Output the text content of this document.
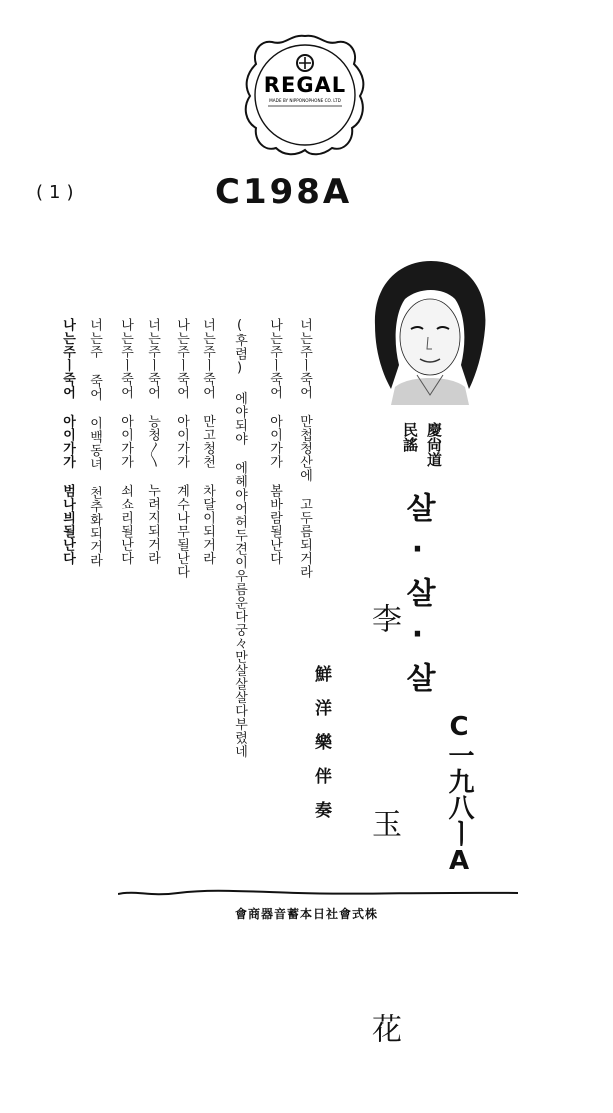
REGAL
MADE BY NIPPONOPHONE CO. LTD
(1)	C198A
慶尙道
民謠
살·살·살
李 玉 花
鮮洋樂伴奏	C一九八ㅣA
너는주ㅣ죽어 만첩청산에 고두름되거라
나는주ㅣ죽어 아이가가 봄바람될난다
(후렴) 에야되야 에헤야어허두견이우름운다궁々만살살살다부렸네
너는주ㅣ죽어 만고청천 차달이되거라
나는주ㅣ죽어 아이가가 계수나무될난다
너는주ㅣ죽어 능청〱 누려지되거라
나는주ㅣ죽어 아이가가 쇠쇼리될난다
너는주 죽어 이백동녀 천추화되거라
나는주ㅣ죽어 아이가가 범나븨될난다
株式會社日本蓄音器商會
